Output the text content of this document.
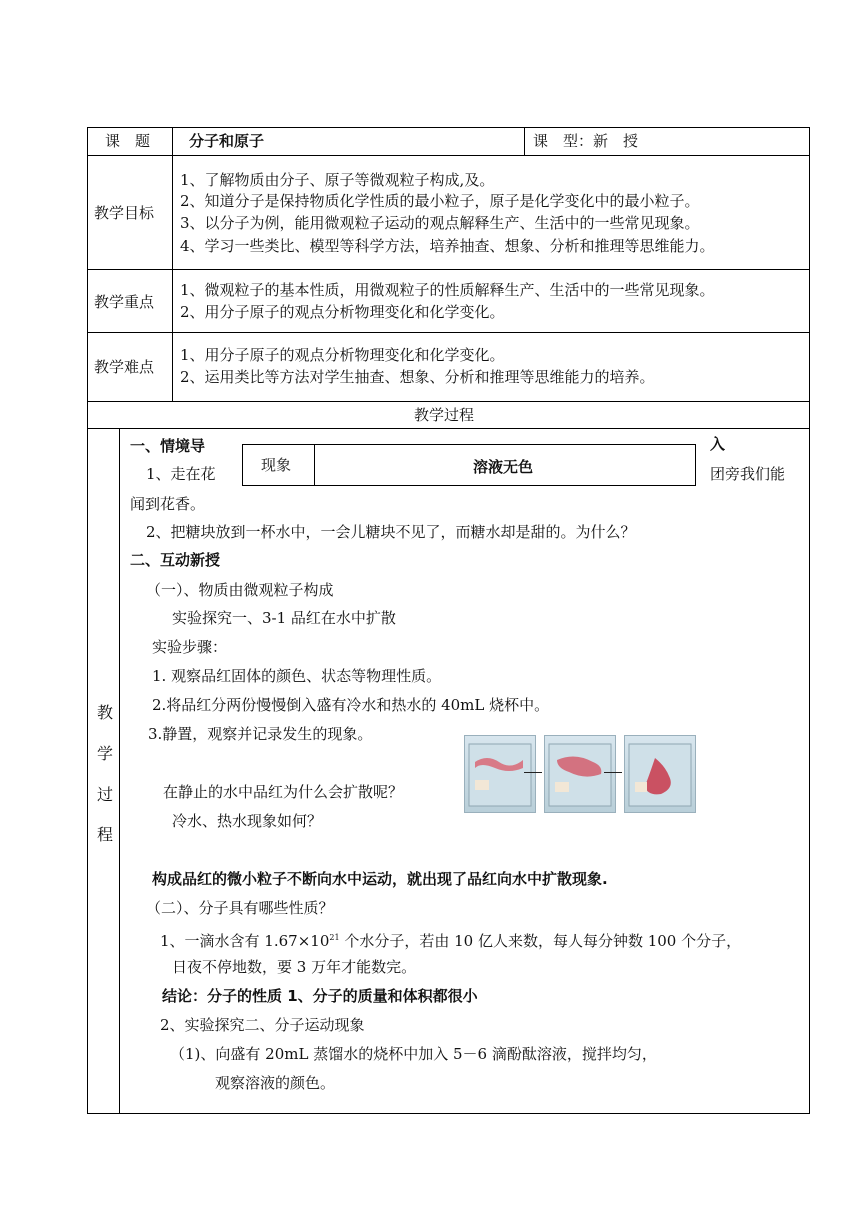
课　题	分子和原子	课　型：新　授
教学目标
1、了解物质由分子、原子等微观粒子构成,及。
2、知道分子是保持物质化学性质的最小粒子，原子是化学变化中的最小粒子。
3、以分子为例，能用微观粒子运动的观点解释生产、生活中的一些常见现象。
4、学习一些类比、模型等科学方法，培养抽查、想象、分析和推理等思维能力。
教学重点
1、微观粒子的基本性质，用微观粒子的性质解释生产、生活中的一些常见现象。
2、用分子原子的观点分析物理变化和化学变化。
教学难点
1、用分子原子的观点分析物理变化和化学变化。
2、运用类比等方法对学生抽查、想象、分析和推理等思维能力的培养。
教学过程
教
学
过
程
一、情境导	入
1、走在花	团旁我们能
现象	溶液无色
闻到花香。
2、把糖块放到一杯水中，一会儿糖块不见了，而糖水却是甜的。为什么？
二、互动新授
（一）、物质由微观粒子构成
实验探究一、3-1 品红在水中扩散
实验步骤：
1. 观察品红固体的颜色、状态等物理性质。
2.将品红分两份慢慢倒入盛有冷水和热水的 40mL 烧杯中。
3.静置，观察并记录发生的现象。
在静止的水中品红为什么会扩散呢？
冷水、热水现象如何？
构成品红的微小粒子不断向水中运动，就出现了品红向水中扩散现象.
（二）、分子具有哪些性质？
1、一滴水含有 $1.67\times 10^{21}$ 个水分子，若由 10 亿人来数，每人每分钟数 100 个分子，
日夜不停地数，要 3 万年才能数完。
结论：分子的性质 1、分子的质量和体积都很小
2、实验探究二、分子运动现象
（1)、向盛有 20mL 蒸馏水的烧杯中加入 5－6 滴酚酞溶液，搅拌均匀，
观察溶液的颜色。
